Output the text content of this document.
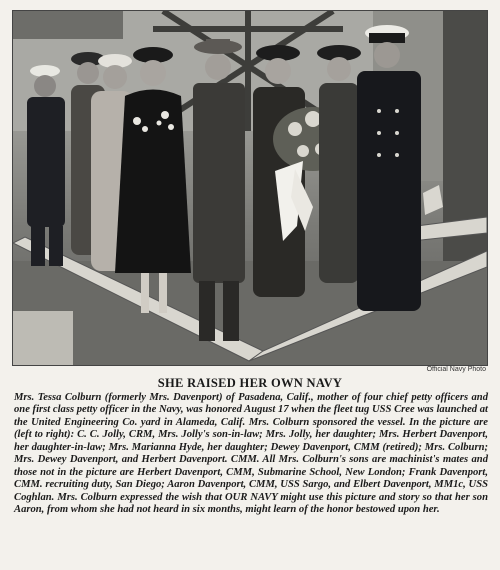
Official Navy Photo
SHE RAISED HER OWN NAVY
Mrs. Tessa Colburn (formerly Mrs. Davenport) of Pasadena, Calif., mother of four chief petty officers and one first class petty officer in the Navy, was honored August 17 when the fleet tug USS Cree was launched at the United Engineering Co. yard in Alameda, Calif. Mrs. Colburn sponsored the vessel. In the picture are (left to right): C. C. Jolly, CRM, Mrs. Jolly's son-in-law; Mrs. Jolly, her daughter; Mrs. Herbert Davenport, her daughter-in-law; Mrs. Marianna Hyde, her daughter; Dewey Davenport, CMM (retired); Mrs. Colburn; Mrs. Dewey Davenport, and Herbert Davenport. CMM. All Mrs. Colburn's sons are machinist's mates and those not in the picture are Herbert Davenport, CMM, Submarine School, New London; Frank Davenport, CMM. recruiting duty, San Diego; Aaron Davenport, CMM, USS Sargo, and Elbert Davenport, MM1c, USS Coghlan. Mrs. Colburn expressed the wish that OUR NAVY might use this picture and story so that her son Aaron, from whom she had not heard in six months, might learn of the honor bestowed upon her.
